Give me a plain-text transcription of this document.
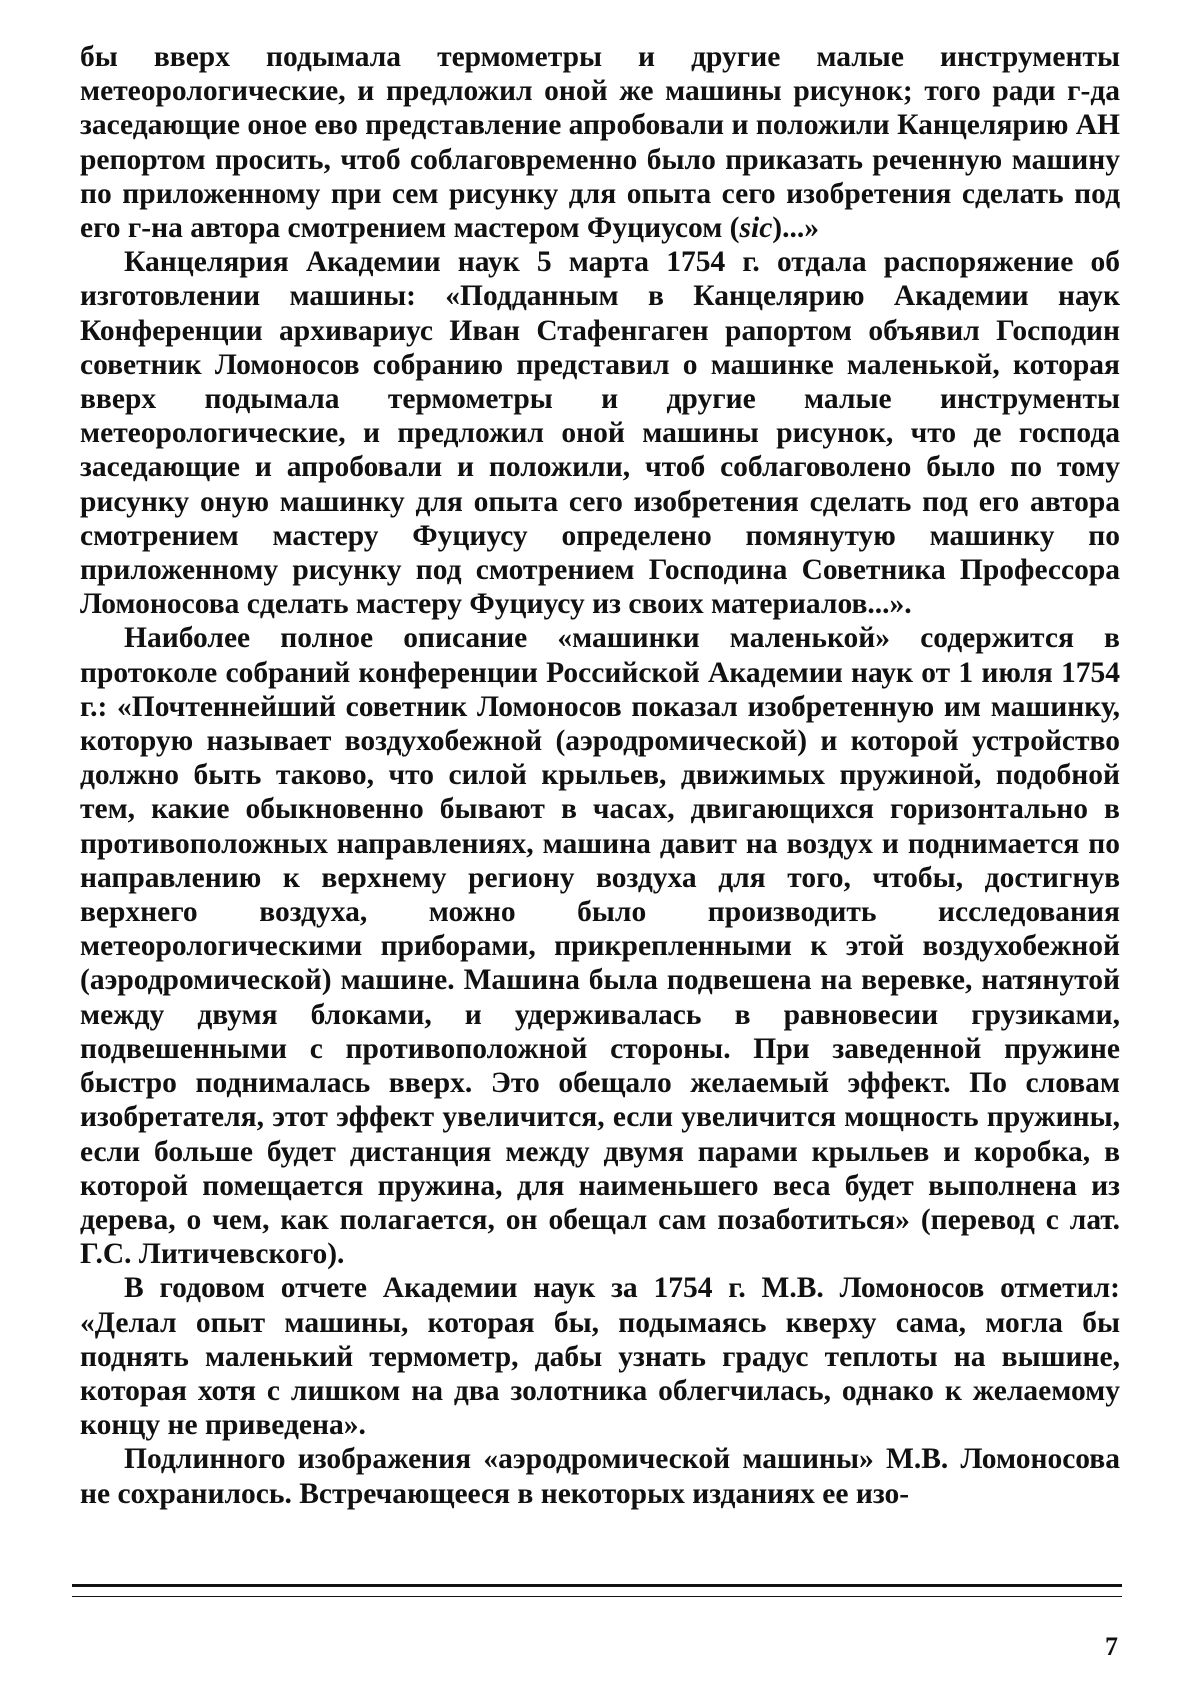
бы вверх подымала термометры и другие малые инструменты метеорологические, и предложил оной же машины рисунок; того ради г-да заседающие оное ево представление апробовали и положили Канцелярию АН репортом просить, чтоб соблаговременно было приказать реченную машину по приложенному при сем рисунку для опыта сего изобретения сделать под его г-на автора смотрением мастером Фуциусом (sic)...»

Канцелярия Академии наук 5 марта 1754 г. отдала распоряжение об изготовлении машины: «Подданным в Канцелярию Академии наук Конференции архивариус Иван Стафенгаген рапортом объявил Господин советник Ломоносов собранию представил о машинке маленькой, которая вверх подымала термометры и другие малые инструменты метеорологические, и предложил оной машины рисунок, что де господа заседающие и апробовали и положили, чтоб соблаговолено было по тому рисунку оную машинку для опыта сего изобретения сделать под его автора смотрением мастеру Фуциусу определено помянутую машинку по приложенному рисунку под смотрением Господина Советника Профессора Ломоносова сделать мастеру Фуциусу из своих материалов...».

Наиболее полное описание «машинки маленькой» содержится в протоколе собраний конференции Российской Академии наук от 1 июля 1754 г.: «Почтеннейший советник Ломоносов показал изобретенную им машинку, которую называет воздухобежной (аэродромической) и которой устройство должно быть таково, что силой крыльев, движимых пружиной, подобной тем, какие обыкновенно бывают в часах, двигающихся горизонтально в противоположных направлениях, машина давит на воздух и поднимается по направлению к верхнему региону воздуха для того, чтобы, достигнув верхнего воздуха, можно было производить исследования метеорологическими приборами, прикрепленными к этой воздухобежной (аэродромической) машине. Машина была подвешена на веревке, натянутой между двумя блоками, и удерживалась в равновесии грузиками, подвешенными с противоположной стороны. При заведенной пружине быстро поднималась вверх. Это обещало желаемый эффект. По словам изобретателя, этот эффект увеличится, если увеличится мощность пружины, если больше будет дистанция между двумя парами крыльев и коробка, в которой помещается пружина, для наименьшего веса будет выполнена из дерева, о чем, как полагается, он обещал сам позаботиться» (перевод с лат. Г.С. Литичевского).

В годовом отчете Академии наук за 1754 г. М.В. Ломоносов отметил: «Делал опыт машины, которая бы, подымаясь кверху сама, могла бы поднять маленький термометр, дабы узнать градус теплоты на вышине, которая хотя с лишком на два золотника облегчилась, однако к желаемому концу не приведена».

Подлинного изображения «аэродромической машины» М.В. Ломоносова не сохранилось. Встречающееся в некоторых изданиях ее изо-

7
